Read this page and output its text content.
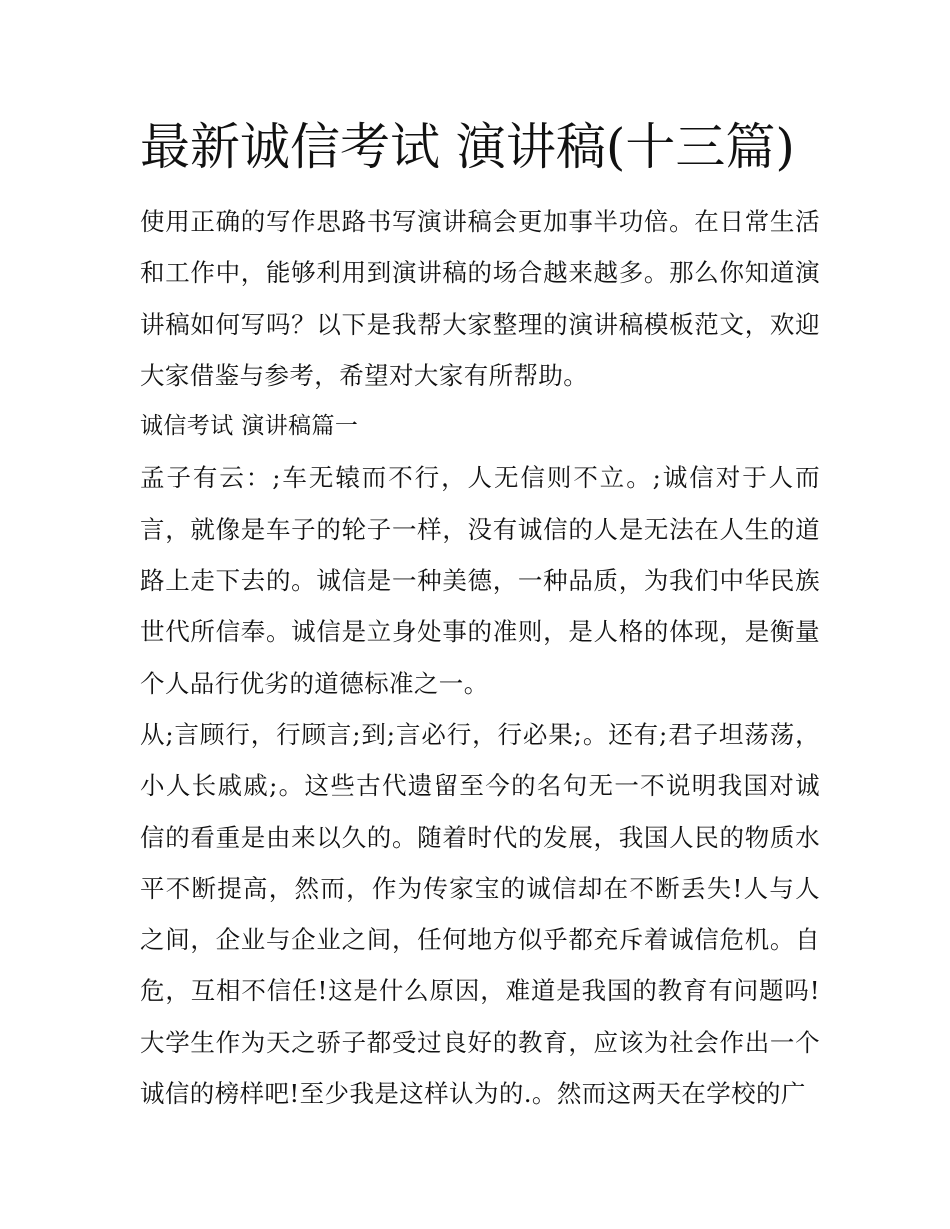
最新诚信考试 演讲稿(十三篇)

使用正确的写作思路书写演讲稿会更加事半功倍。在日常生活和工作中，能够利用到演讲稿的场合越来越多。那么你知道演讲稿如何写吗？以下是我帮大家整理的演讲稿模板范文，欢迎大家借鉴与参考，希望对大家有所帮助。

诚信考试 演讲稿篇一

孟子有云：;车无辕而不行，人无信则不立。;诚信对于人而言，就像是车子的轮子一样，没有诚信的人是无法在人生的道路上走下去的。诚信是一种美德，一种品质，为我们中华民族世代所信奉。诚信是立身处事的准则，是人格的体现，是衡量个人品行优劣的道德标准之一。

从;言顾行，行顾言;到;言必行，行必果;。还有;君子坦荡荡，小人长戚戚;。这些古代遗留至今的名句无一不说明我国对诚信的看重是由来以久的。随着时代的发展，我国人民的物质水平不断提高，然而，作为传家宝的诚信却在不断丢失!人与人之间，企业与企业之间，任何地方似乎都充斥着诚信危机。自危，互相不信任!这是什么原因，难道是我国的教育有问题吗!大学生作为天之骄子都受过良好的教育，应该为社会作出一个诚信的榜样吧!至少我是这样认为的.。然而这两天在学校的广
